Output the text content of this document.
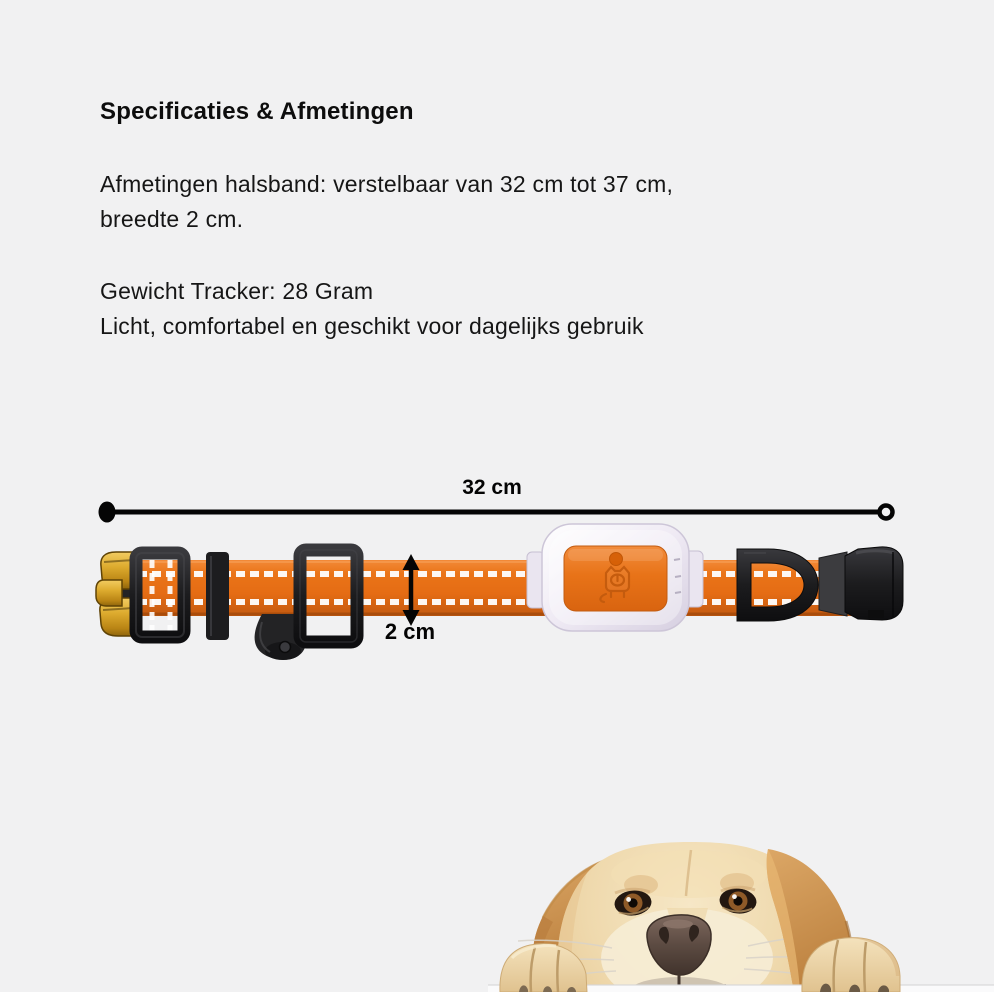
Specificaties & Afmetingen
Afmetingen halsband: verstelbaar van 32 cm tot 37 cm,
breedte 2 cm.
Gewicht Tracker: 28 Gram
Licht, comfortabel en geschikt voor dagelijks gebruik
32 cm
2 cm
